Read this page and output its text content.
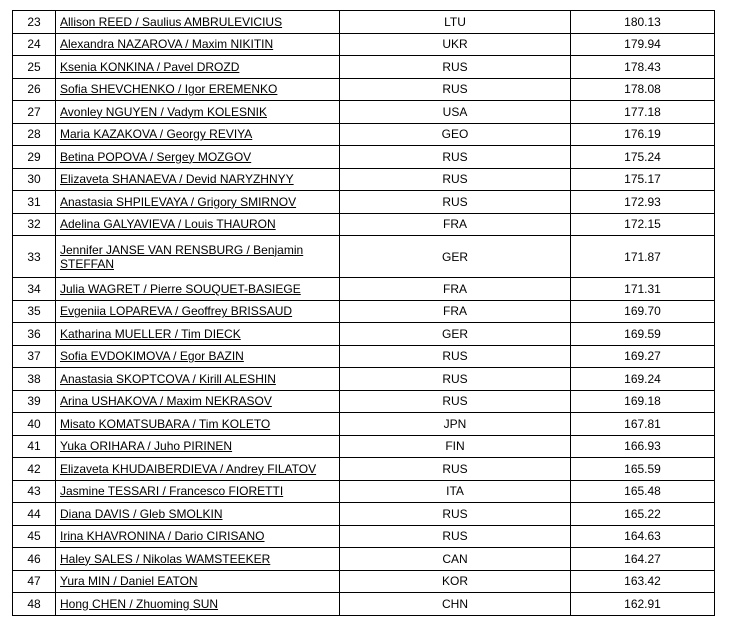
23	Allison REED / Saulius AMBRULEVICIUS	LTU	180.13
24	Alexandra NAZAROVA / Maxim NIKITIN	UKR	179.94
25	Ksenia KONKINA / Pavel DROZD	RUS	178.43
26	Sofia SHEVCHENKO / Igor EREMENKO	RUS	178.08
27	Avonley NGUYEN / Vadym KOLESNIK	USA	177.18
28	Maria KAZAKOVA / Georgy REVIYA	GEO	176.19
29	Betina POPOVA / Sergey MOZGOV	RUS	175.24
30	Elizaveta SHANAEVA / Devid NARYZHNYY	RUS	175.17
31	Anastasia SHPILEVAYA / Grigory SMIRNOV	RUS	172.93
32	Adelina GALYAVIEVA / Louis THAURON	FRA	172.15
33	Jennifer JANSE VAN RENSBURG / Benjamin STEFFAN	GER	171.87
34	Julia WAGRET / Pierre SOUQUET-BASIEGE	FRA	171.31
35	Evgeniia LOPAREVA / Geoffrey BRISSAUD	FRA	169.70
36	Katharina MUELLER / Tim DIECK	GER	169.59
37	Sofia EVDOKIMOVA / Egor BAZIN	RUS	169.27
38	Anastasia SKOPTCOVA / Kirill ALESHIN	RUS	169.24
39	Arina USHAKOVA / Maxim NEKRASOV	RUS	169.18
40	Misato KOMATSUBARA / Tim KOLETO	JPN	167.81
41	Yuka ORIHARA / Juho PIRINEN	FIN	166.93
42	Elizaveta KHUDAIBERDIEVA / Andrey FILATOV	RUS	165.59
43	Jasmine TESSARI / Francesco FIORETTI	ITA	165.48
44	Diana DAVIS / Gleb SMOLKIN	RUS	165.22
45	Irina KHAVRONINA / Dario CIRISANO	RUS	164.63
46	Haley SALES / Nikolas WAMSTEEKER	CAN	164.27
47	Yura MIN / Daniel EATON	KOR	163.42
48	Hong CHEN / Zhuoming SUN	CHN	162.91
